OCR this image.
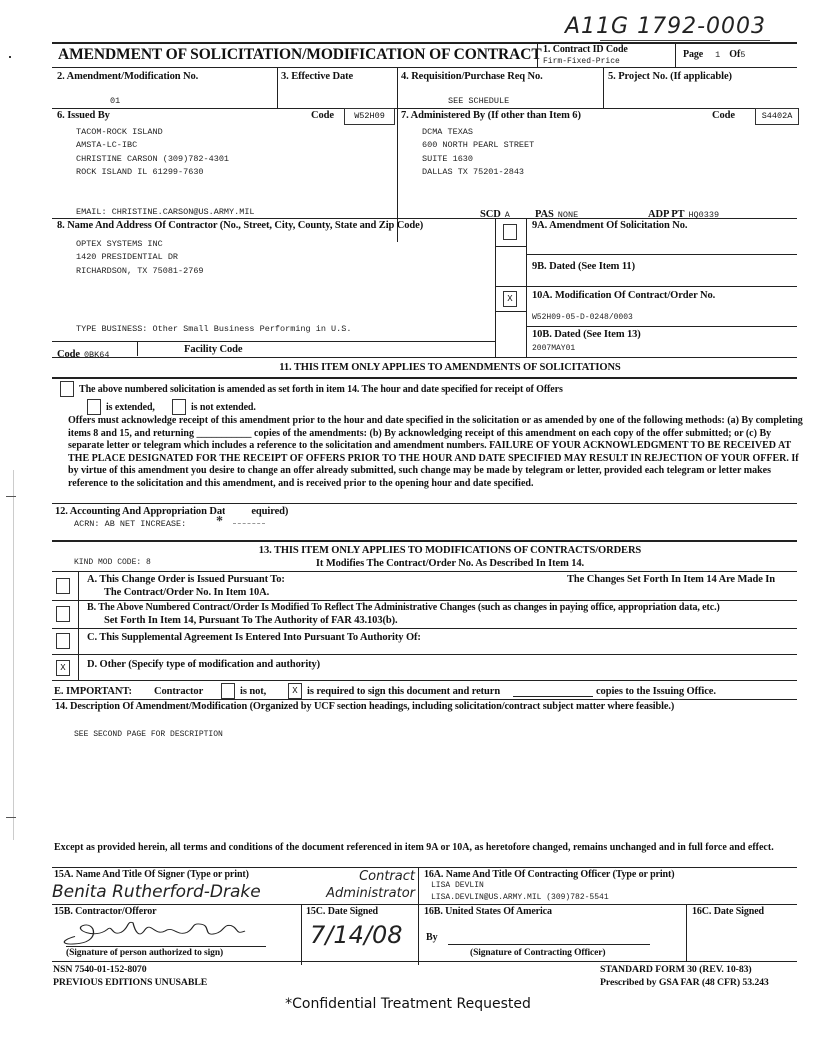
A11G 1792-0003
AMENDMENT OF SOLICITATION/MODIFICATION OF CONTRACT 1. Contract ID Code
Firm-Fixed-Price
Page 1 Of5
2. Amendment/Modification No.
01
3. Effective Date	4. Requisition/Purchase Req No.
SEE SCHEDULE
5. Project No. (If applicable)
6. Issued By	Code	W52H09
TACOM-ROCK ISLAND
AMSTA-LC-IBC
CHRISTINE CARSON (309)782-4301
ROCK ISLAND IL 61299-7630
EMAIL: CHRISTINE.CARSON@US.ARMY.MIL
7. Administered By (If other than Item 6)	Code	S4402A
DCMA TEXAS
600 NORTH PEARL STREET
SUITE 1630
DALLAS TX 75201-2843
SCD A PAS NONE	ADP PT HQ0339
8. Name And Address Of Contractor (No., Street, City, County, State and Zip Code)
OPTEX SYSTEMS INC
1420 PRESIDENTIAL DR
RICHARDSON, TX 75081-2769
TYPE BUSINESS: Other Small Business Performing in U.S.
Code 0BK64	Facility Code
9A. Amendment Of Solicitation No.
9B. Dated (See Item 11)
X	10A. Modification Of Contract/Order No.
W52H09-05-D-0248/0003
10B. Dated (See Item 13)
2007MAY01
11. THIS ITEM ONLY APPLIES TO AMENDMENTS OF SOLICITATIONS
The above numbered solicitation is amended as set forth in item 14. The hour and date specified for receipt of Offers
is extended,	is not extended.
Offers must acknowledge receipt of this amendment prior to the hour and date specified in the solicitation or as amended by one of the following methods: (a) By completing items 8 and 15, and returning ___________ copies of the amendments: (b) By acknowledging receipt of this amendment on each copy of the offer submitted; or (c) By separate letter or telegram which includes a reference to the solicitation and amendment numbers. FAILURE OF YOUR ACKNOWLEDGMENT TO BE RECEIVED AT THE PLACE DESIGNATED FOR THE RECEIPT OF OFFERS PRIOR TO THE HOUR AND DATE SPECIFIED MAY RESULT IN REJECTION OF YOUR OFFER. If by virtue of this amendment you desire to change an offer already submitted, such change may be made by telegram or letter, provided each telegram or letter makes reference to the solicitation and this amendment, and is received prior to the opening hour and date specified.
12. Accounting And Appropriation Dat equired)
ACRN: AB NET INCREASE: *
13. THIS ITEM ONLY APPLIES TO MODIFICATIONS OF CONTRACTS/ORDERS
It Modifies The Contract/Order No. As Described In Item 14.
KIND MOD CODE: 8
A. This Change Order is Issued Pursuant To:	The Changes Set Forth In Item 14 Are Made In
The Contract/Order No. In Item 10A.
B. The Above Numbered Contract/Order Is Modified To Reflect The Administrative Changes (such as changes in paying office, appropriation data, etc.)
Set Forth In Item 14, Pursuant To The Authority of FAR 43.103(b).
C. This Supplemental Agreement Is Entered Into Pursuant To Authority Of:
X	D. Other (Specify type of modification and authority)
E. IMPORTANT: Contractor	is not,	X is required to sign this document and return	copies to the Issuing Office.
14. Description Of Amendment/Modification (Organized by UCF section headings, including solicitation/contract subject matter where feasible.)
SEE SECOND PAGE FOR DESCRIPTION
Except as provided herein, all terms and conditions of the document referenced in item 9A or 10A, as heretofore changed, remains unchanged and in full force and effect.
15A. Name And Title Of Signer (Type or print)
Benita Rutherford-Drake
Contract Administrator
16A. Name And Title Of Contracting Officer (Type or print)
LISA DEVLIN
LISA.DEVLIN@US.ARMY.MIL (309)782-5541
15B. Contractor/Offeror
(Signature of person authorized to sign)
15C. Date Signed
7/14/08
16B. United States Of America
By
(Signature of Contracting Officer)
16C. Date Signed
NSN 7540-01-152-8070
PREVIOUS EDITIONS UNUSABLE
STANDARD FORM 30 (REV. 10-83)
Prescribed by GSA FAR (48 CFR) 53.243
*Confidential Treatment Requested
